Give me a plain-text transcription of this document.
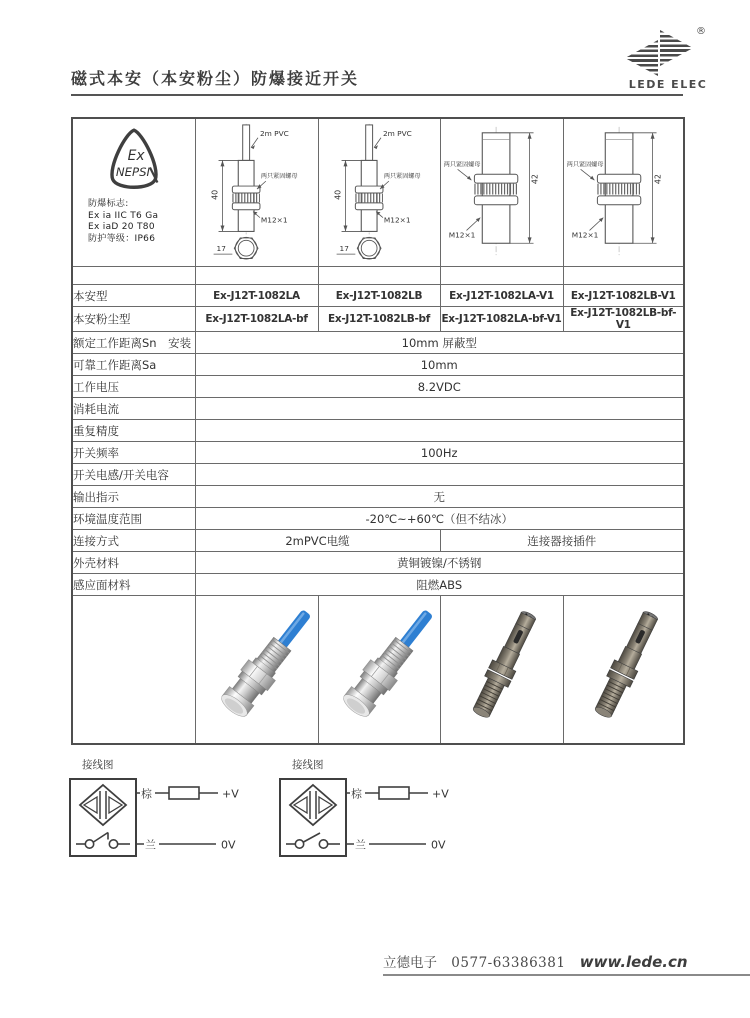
磁式本安（本安粉尘）防爆接近开关
®
LEDE ELEC
Ex
NEPSI
防爆标志:
Ex ia IIC T6 Ga
Ex iaD 20 T80
防护等级：IP66

2m PVC
40
两只紧固螺母
M12×1
17

2m PVC
40
两只紧固螺母
M12×1
17

42
两只紧固螺母
M12×1

42
两只紧固螺母
M12×1

本安型	Ex-J12T-1082LA	Ex-J12T-1082LB	Ex-J12T-1082LA-V1	Ex-J12T-1082LB-V1
本安粉尘型	Ex-J12T-1082LA-bf	Ex-J12T-1082LB-bf	Ex-J12T-1082LA-bf-V1	Ex-J12T-1082LB-bf-V1
额定工作距离Sn　安装	10mm 屏蔽型			
可靠工作距离Sa	10mm			
工作电压	8.2VDC			
消耗电流				
重复精度				
开关频率	100Hz			
开关电感/开关电容				
输出指示	无			
环境温度范围	-20℃~+60℃（但不结冰）			
连接方式	2mPVC电缆		连接器接插件	
外壳材料	黄铜镀镍/不锈钢			
感应面材料	阻燃ABS			

接线图
棕	+V
兰	0V
接线图
棕	+V
兰	0V
立德电子 0577-63386381 www.lede.cn
